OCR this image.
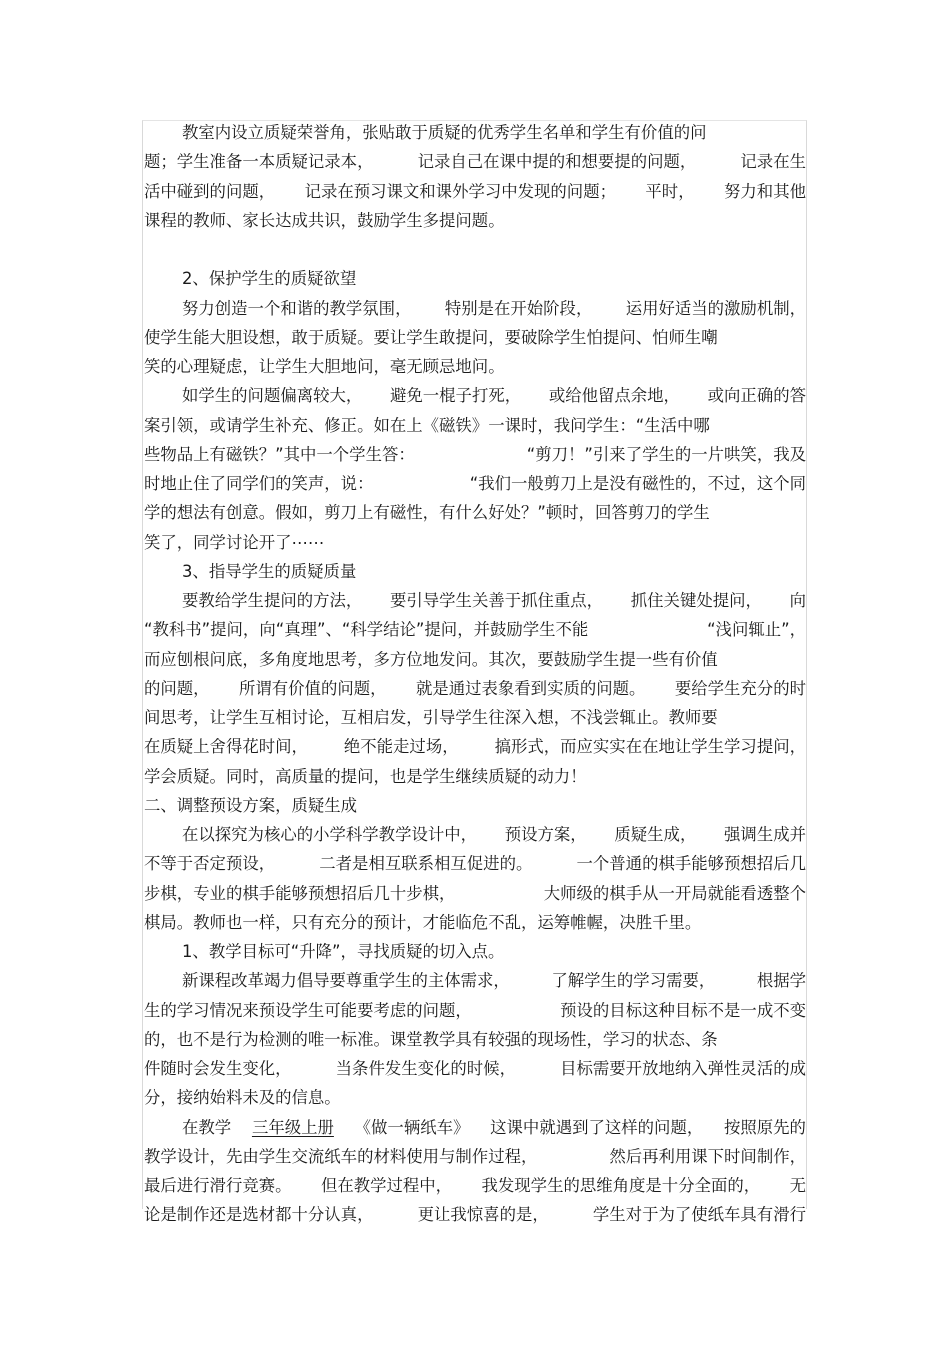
教室内设立质疑荣誉角，张贴敢于质疑的优秀学生名单和学生有价值的问
题；学生准备一本质疑记录本，	记录自己在课中提的和想要提的问题，	记录在生
活中碰到的问题， 记录在预习课文和课外学习中发现的问题； 平时， 努力和其他
课程的教师、家长达成共识，鼓励学生多提问题。
2、保护学生的质疑欲望
努力创造一个和谐的教学氛围， 特别是在开始阶段， 运用好适当的激励机制，
使学生能大胆设想，敢于质疑。要让学生敢提问，要破除学生怕提问、怕师生嘲
笑的心理疑虑，让学生大胆地问，毫无顾忌地问。
如学生的问题偏离较大， 避免一棍子打死， 或给他留点余地， 或向正确的答
案引领，或请学生补充、修正。如在上《磁铁》一课时，我问学生：“生活中哪
些物品上有磁铁？”其中一个学生答：	“剪刀！”引来了学生的一片哄笑，我及
时地止住了同学们的笑声，说：	“我们一般剪刀上是没有磁性的，不过，这个同
学的想法有创意。假如，剪刀上有磁性，有什么好处？”顿时，回答剪刀的学生
笑了，同学讨论开了⋯⋯
3、指导学生的质疑质量
要教给学生提问的方法， 要引导学生关善于抓住重点， 抓住关键处提问， 向
“教科书”提问，向“真理”、“科学结论”提问，并鼓励学生不能	“浅问辄止”，
而应刨根问底，多角度地思考，多方位地发问。其次，要鼓励学生提一些有价值
的问题， 所谓有价值的问题， 就是通过表象看到实质的问题。 要给学生充分的时
间思考，让学生互相讨论，互相启发，引导学生往深入想，不浅尝辄止。教师要
在质疑上舍得花时间， 绝不能走过场， 搞形式，而应实实在在地让学生学习提问，
学会质疑。同时，高质量的提问，也是学生继续质疑的动力！
二、调整预设方案，质疑生成
在以探究为核心的小学科学教学设计中， 预设方案， 质疑生成， 强调生成并
不等于否定预设，	二者是相互联系相互促进的。	一个普通的棋手能够预想招后几
步棋，专业的棋手能够预想招后几十步棋，	大师级的棋手从一开局就能看透整个
棋局。教师也一样，只有充分的预计，才能临危不乱，运筹帷幄，决胜千里。
1、教学目标可“升降”，寻找质疑的切入点。
新课程改革竭力倡导要尊重学生的主体需求，	了解学生的学习需要，	根据学
生的学习情况来预设学生可能要考虑的问题，	预设的目标这种目标不是一成不变
的，也不是行为检测的唯一标准。课堂教学具有较强的现场性，学习的状态、条
件随时会发生变化，	当条件发生变化的时候，	目标需要开放地纳入弹性灵活的成
分，接纳始料未及的信息。
在教学 三年级上册 《做一辆纸车》 这课中就遇到了这样的问题， 按照原先的
教学设计，先由学生交流纸车的材料使用与制作过程，	然后再利用课下时间制作，
最后进行滑行竞赛。 但在教学过程中， 我发现学生的思维角度是十分全面的， 无
论是制作还是选材都十分认真，	更让我惊喜的是，	学生对于为了使纸车具有滑行
